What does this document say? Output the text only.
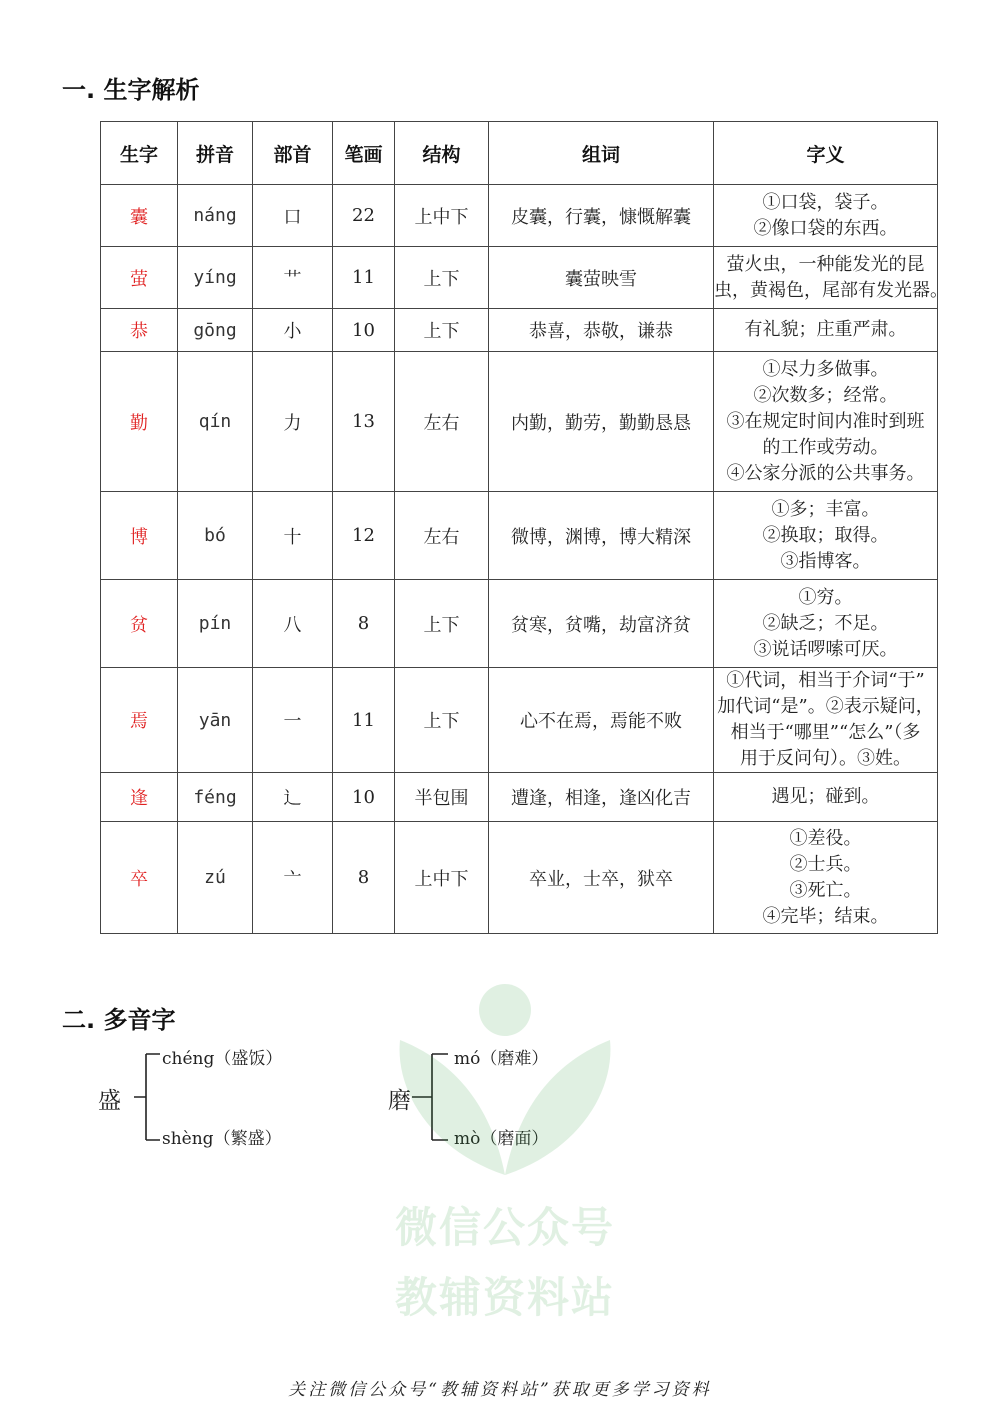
一. 生字解析
生字	拼音	部首	笔画	结构	组词	字义
囊	náng	口	22	上中下	皮囊，行囊，慷慨解囊	①口袋，袋子。
②像口袋的东西。

萤	yíng	艹	11	上下	囊萤映雪	萤火虫，一种能发光的昆
虫，黄褐色，尾部有发光器。

恭	gōng	小	10	上下	恭喜，恭敬，谦恭	有礼貌；庄重严肃。

勤	qín	力	13	左右	内勤，勤劳，勤勤恳恳	①尽力多做事。
②次数多；经常。
③在规定时间内准时到班
的工作或劳动。
④公家分派的公共事务。

博	bó	十	12	左右	微博，渊博，博大精深	①多；丰富。
②换取；取得。
③指博客。

贫	pín	八	8	上下	贫寒，贫嘴，劫富济贫	①穷。
②缺乏；不足。
③说话啰嗦可厌。

焉	yān	一	11	上下	心不在焉，焉能不败	①代词，相当于介词“于”
加代词“是”。②表示疑问，
相当于“哪里”“怎么”（多
用于反问句）。③姓。

逢	féng	辶	10	半包围	遭逢，相逢，逢凶化吉	遇见；碰到。

卒	zú	亠	8	上中下	卒业，士卒，狱卒	①差役。
②士兵。
③死亡。
④完毕；结束。
二. 多音字
盛
chéng（盛饭）
shèng（繁盛）
磨
mó（磨难）
mò（磨面）
微信公众号
教辅资料站
关注微信公众号“教辅资料站”获取更多学习资料
